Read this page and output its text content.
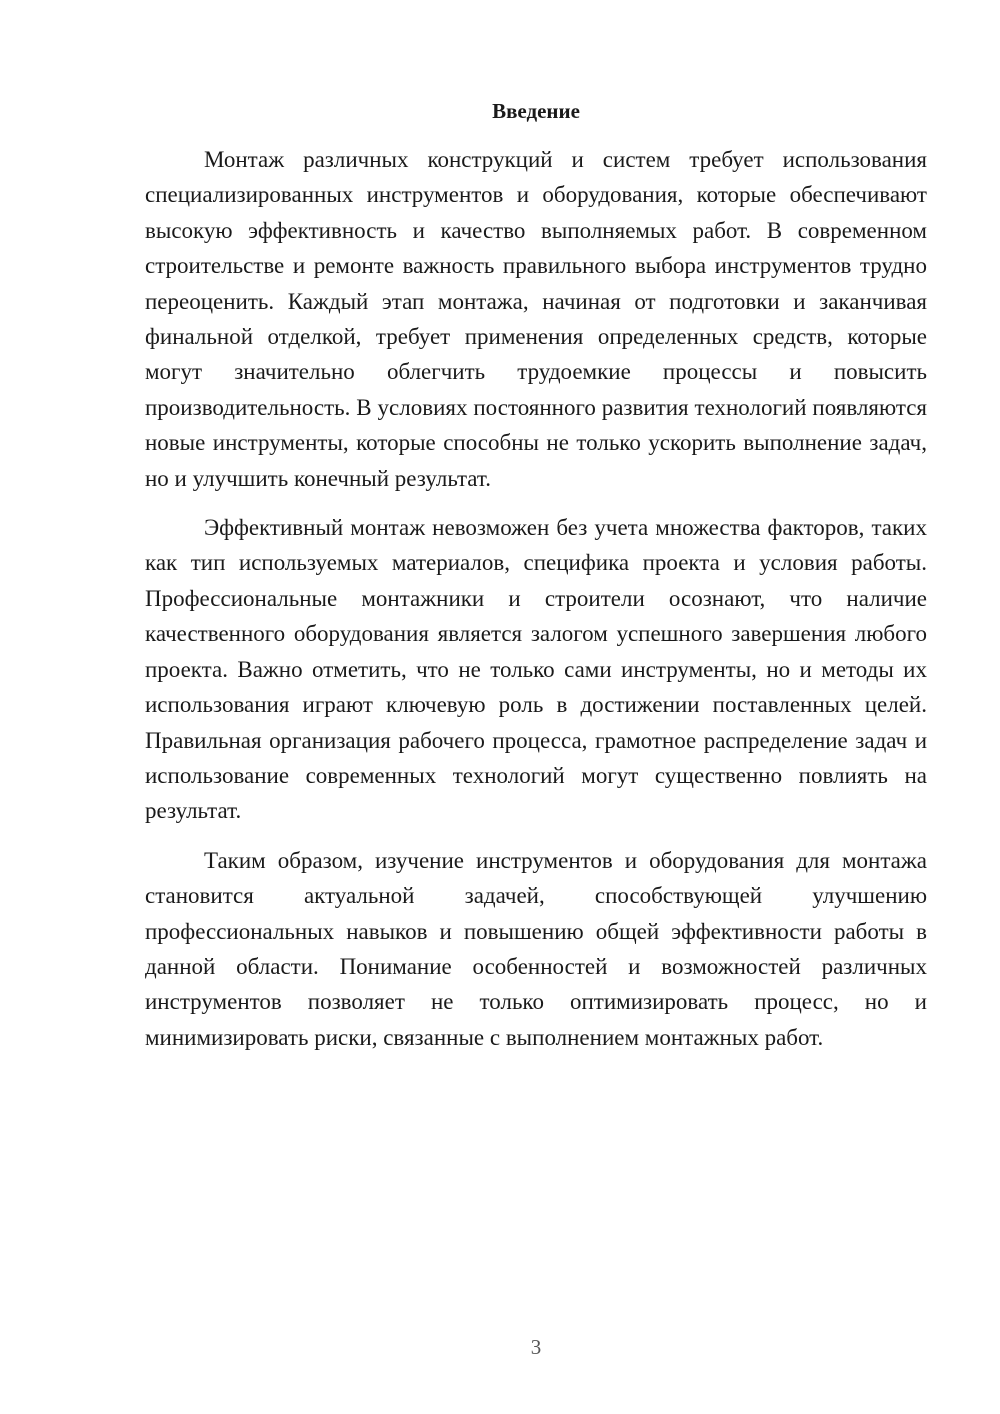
Введение

Монтаж различных конструкций и систем требует использования специализированных инструментов и оборудования, которые обеспечивают высокую эффективность и качество выполняемых работ. В современном строительстве и ремонте важность правильного выбора инструментов трудно переоценить. Каждый этап монтажа, начиная от подготовки и заканчивая финальной отделкой, требует применения определенных средств, которые могут значительно облегчить трудоемкие процессы и повысить производительность. В условиях постоянного развития технологий появляются новые инструменты, которые способны не только ускорить выполнение задач, но и улучшить конечный результат.

Эффективный монтаж невозможен без учета множества факторов, таких как тип используемых материалов, специфика проекта и условия работы. Профессиональные монтажники и строители осознают, что наличие качественного оборудования является залогом успешного завершения любого проекта. Важно отметить, что не только сами инструменты, но и методы их использования играют ключевую роль в достижении поставленных целей. Правильная организация рабочего процесса, грамотное распределение задач и использование современных технологий могут существенно повлиять на результат.

Таким образом, изучение инструментов и оборудования для монтажа становится актуальной задачей, способствующей улучшению профессиональных навыков и повышению общей эффективности работы в данной области. Понимание особенностей и возможностей различных инструментов позволяет не только оптимизировать процесс, но и минимизировать риски, связанные с выполнением монтажных работ.

3
